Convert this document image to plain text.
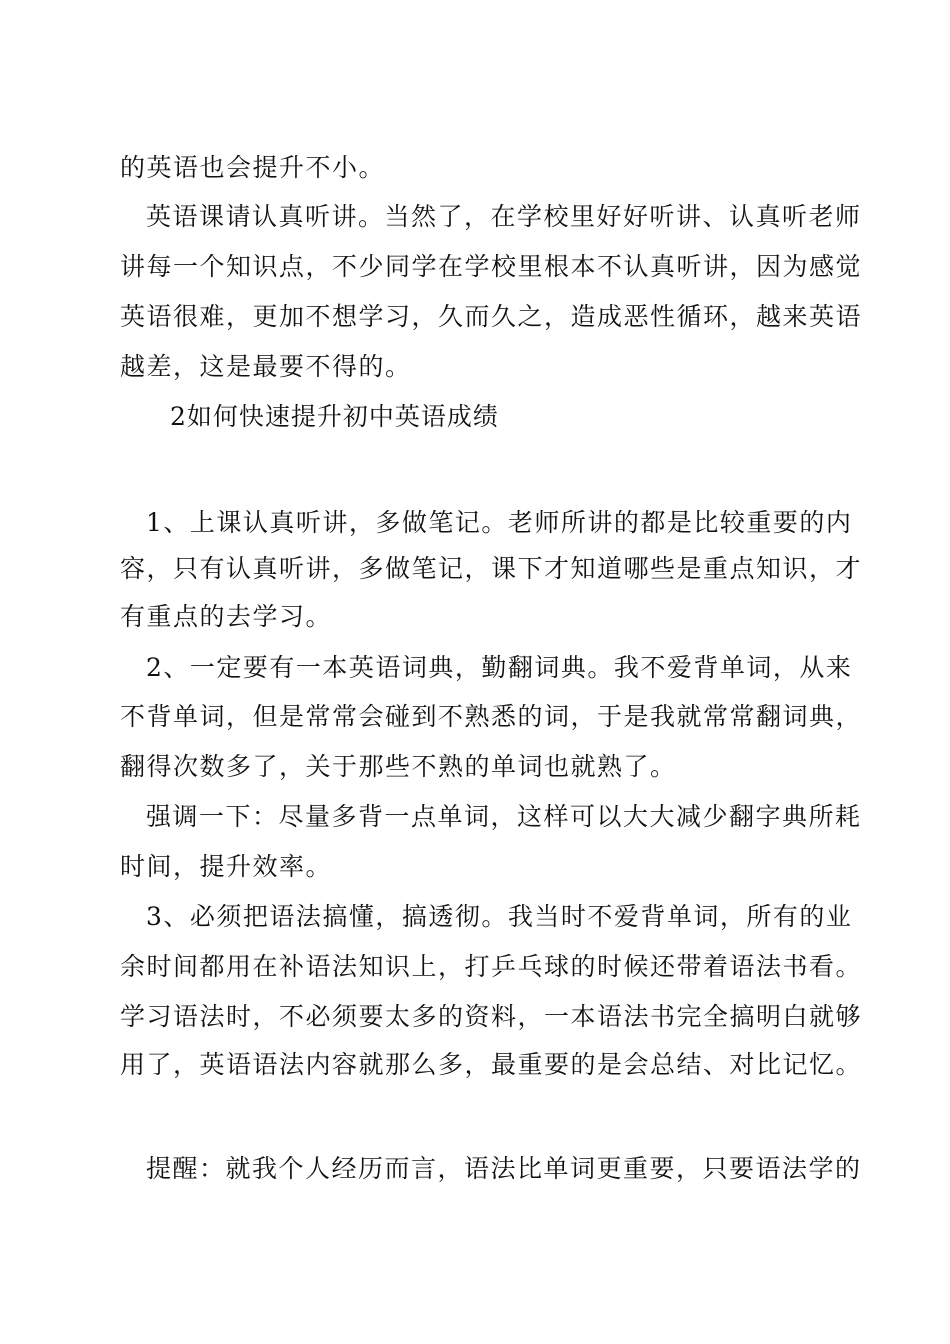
的英语也会提升不小。
英语课请认真听讲。当然了，在学校里好好听讲、认真听老师
讲每一个知识点，不少同学在学校里根本不认真听讲，因为感觉
英语很难，更加不想学习，久而久之，造成恶性循环，越来英语
越差，这是最要不得的。
2如何快速提升初中英语成绩
1、上课认真听讲，多做笔记。老师所讲的都是比较重要的内
容，只有认真听讲，多做笔记，课下才知道哪些是重点知识，才
有重点的去学习。
2、一定要有一本英语词典，勤翻词典。我不爱背单词，从来
不背单词，但是常常会碰到不熟悉的词，于是我就常常翻词典，
翻得次数多了，关于那些不熟的单词也就熟了。
强调一下：尽量多背一点单词，这样可以大大减少翻字典所耗
时间，提升效率。
3、必须把语法搞懂，搞透彻。我当时不爱背单词，所有的业
余时间都用在补语法知识上，打乒乓球的时候还带着语法书看。
学习语法时，不必须要太多的资料，一本语法书完全搞明白就够
用了，英语语法内容就那么多，最重要的是会总结、对比记忆。
提醒：就我个人经历而言，语法比单词更重要，只要语法学的
